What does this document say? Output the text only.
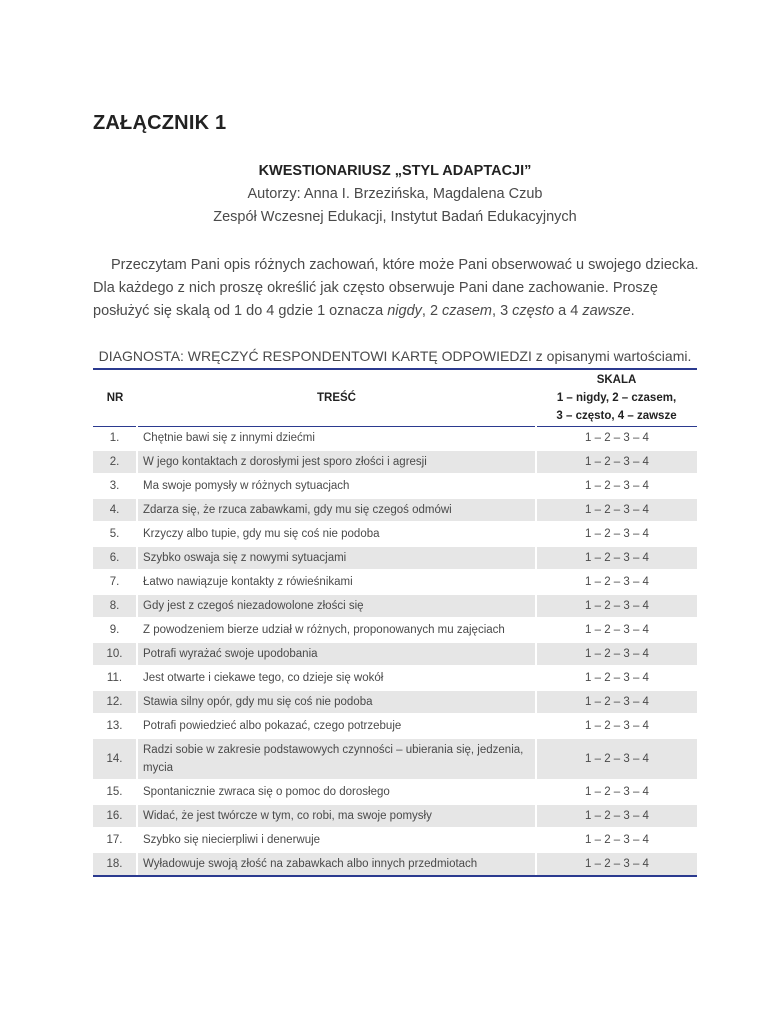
ZAŁĄCZNIK 1
KWESTIONARIUSZ „STYL ADAPTACJI”
Autorzy: Anna I. Brzezińska, Magdalena Czub
Zespół Wczesnej Edukacji, Instytut Badań Edukacyjnych

Przeczytam Pani opis różnych zachowań, które może Pani obserwować u swojego dziecka. Dla każdego z nich proszę określić jak często obserwuje Pani dane zachowanie. Proszę posłużyć się skalą od 1 do 4 gdzie 1 oznacza nigdy, 2 czasem, 3 często a 4 zawsze.

DIAGNOSTA: WRĘCZYĆ RESPONDENTOWI KARTĘ ODPOWIEDZI z opisanymi wartościami.
NR	TREŚĆ	SKALA
1 – nigdy, 2 – czasem,
3 – często, 4 – zawsze

1.	Chętnie bawi się z innymi dziećmi	1 – 2 – 3 – 4
2.	W jego kontaktach z dorosłymi jest sporo złości i agresji	1 – 2 – 3 – 4
3.	Ma swoje pomysły w różnych sytuacjach	1 – 2 – 3 – 4
4.	Zdarza się, że rzuca zabawkami, gdy mu się czegoś odmówi	1 – 2 – 3 – 4
5.	Krzyczy albo tupie, gdy mu się coś nie podoba	1 – 2 – 3 – 4
6.	Szybko oswaja się z nowymi sytuacjami	1 – 2 – 3 – 4
7.	Łatwo nawiązuje kontakty z rówieśnikami	1 – 2 – 3 – 4
8.	Gdy jest z czegoś niezadowolone złości się	1 – 2 – 3 – 4
9.	Z powodzeniem bierze udział w różnych, proponowanych mu zajęciach	1 – 2 – 3 – 4
10.	Potrafi wyrażać swoje upodobania	1 – 2 – 3 – 4
11.	Jest otwarte i ciekawe tego, co dzieje się wokół	1 – 2 – 3 – 4
12.	Stawia silny opór, gdy mu się coś nie podoba	1 – 2 – 3 – 4
13.	Potrafi powiedzieć albo pokazać, czego potrzebuje	1 – 2 – 3 – 4
14.	Radzi sobie w zakresie podstawowych czynności – ubierania się, jedzenia, mycia	1 – 2 – 3 – 4
15.	Spontanicznie zwraca się o pomoc do dorosłego	1 – 2 – 3 – 4
16.	Widać, że jest twórcze w tym, co robi, ma swoje pomysły	1 – 2 – 3 – 4
17.	Szybko się niecierpliwi i denerwuje	1 – 2 – 3 – 4
18.	Wyładowuje swoją złość na zabawkach albo innych przedmiotach	1 – 2 – 3 – 4
